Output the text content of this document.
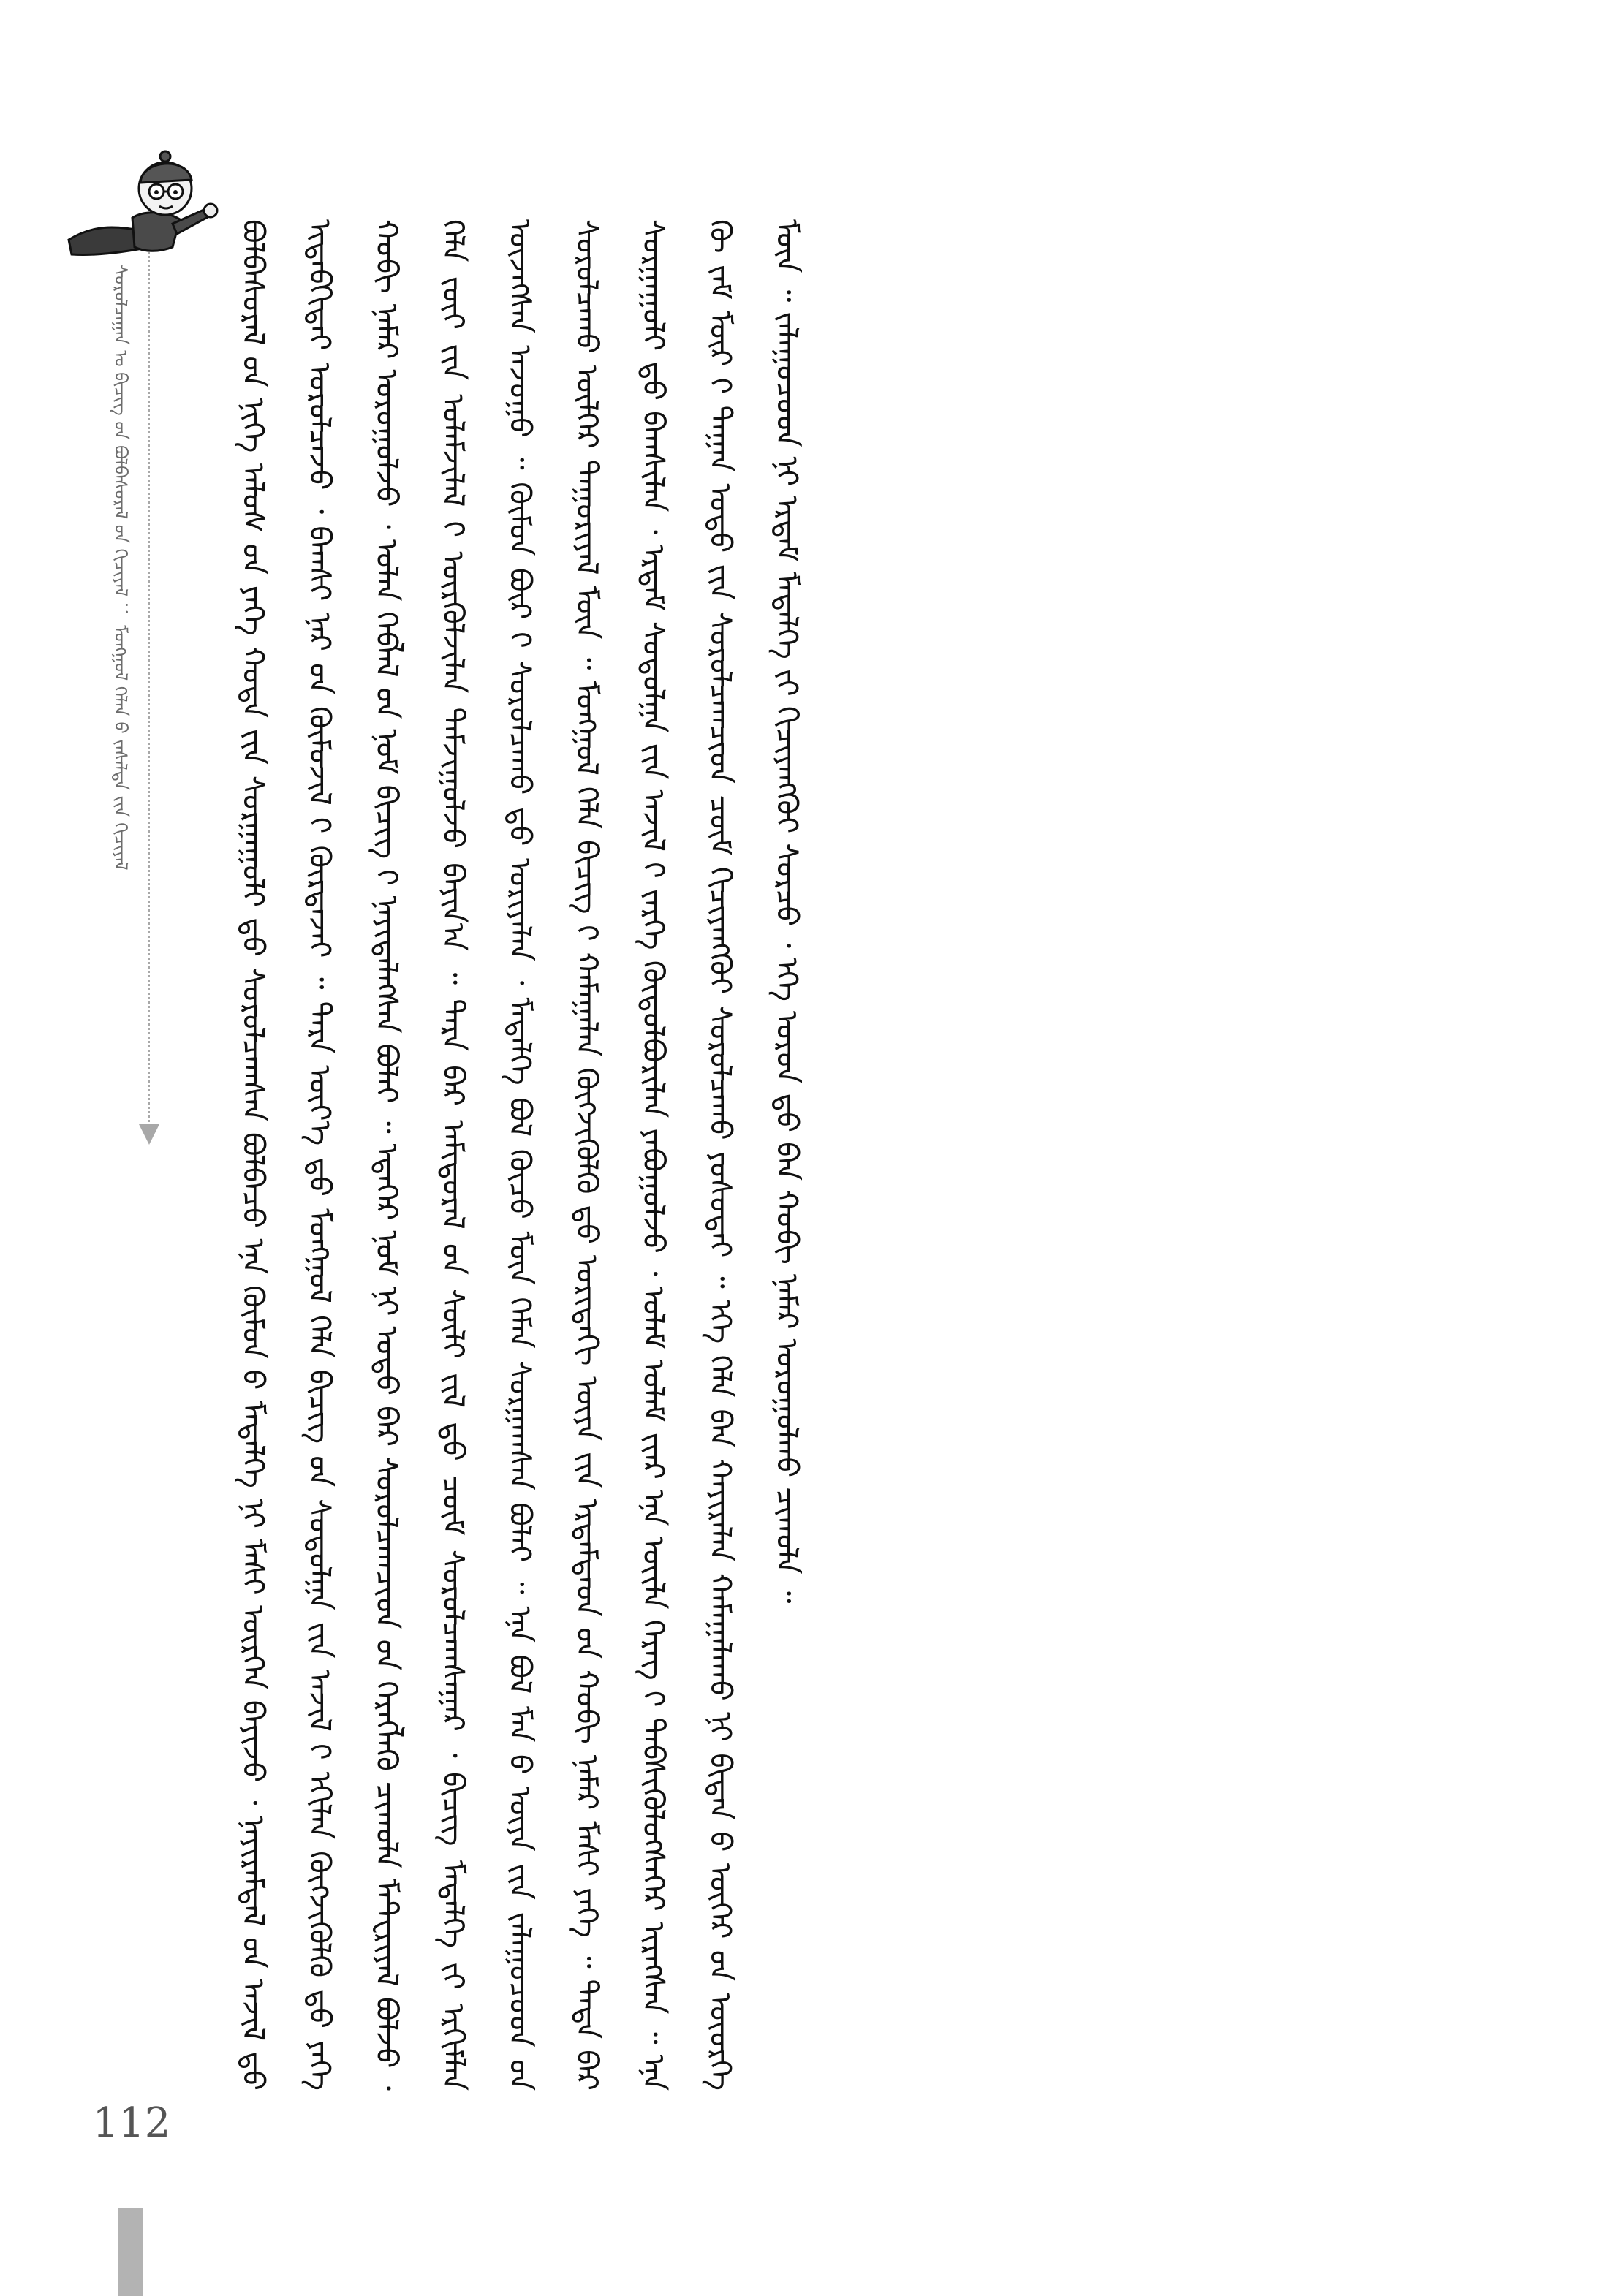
ᠰᠤᠷᠤᠯᠴᠠᠭᠠᠨ ᠤ ᠪᠢᠴᠢᠭ ᠤ᠋ᠨ ᠪᠣᠯᠪᠠᠰᠤᠷᠠᠯ ᠤ᠋ᠨ ᠬᠢᠴᠢᠶᠡᠯ ： ᠮᠣᠩᠭᠣᠯ ᠬᠡᠯᠡᠨ ᠤ᠋ ᠵᠠᠰᠠᠯᠲᠠ ᠶ᠋ᠢᠨ ᠬᠢᠴᠢᠶᠡᠯ	ᠪᠣᠯᠪᠠᠰᠤᠷᠠᠯ ᠤ᠋ᠨ ᠨᠢᠭᠡ ᠠᠯᠤᠰ ᠤ᠋ᠨ ᠶᠡᠬᠡ ᠬᠣᠲᠠ ᠶ᠋ᠢᠨ ᠰᠤᠷᠭᠠᠭᠤᠯᠢ ᠳ᠋ᠤ ᠰᠤᠷᠤᠯᠴᠠᠭᠰᠠᠨ ᠪᠣᠯᠪᠠᠴᠤ ᠡᠨᠡ ᠬᠦᠮᠦᠨ ᠤ᠋ ᠮᠡᠳᠡᠯᠭᠡ ᠨᠢ ᠮᠠᠰᠢ ᠥᠷᠭᠡᠨ ᠪᠠᠶᠢᠵᠤ ᠂ ᠨᠠᠶᠢᠷᠠᠮᠳᠠᠯ ᠤ᠋ᠨ ᠠᠵᠢᠯ ᠳ᠋ᠤ ᠢᠳᠡᠪᠬᠢᠲᠡᠶ ᠣᠷᠤᠯᠴᠠᠵᠤ ᠂ ᠪᠠᠭᠰᠢ ᠨᠠᠷ ᠤ᠋ᠨ ᠬᠥᠮᠦᠵᠢᠯ ᠢ᠋ ᠬᠦᠷᠲᠡᠵᠡᠢ ᠃ ᠲᠡᠷᠡ ᠦᠶ᠎ᠡ ᠳ᠋ᠦ ᠮᠣᠩᠭᠣᠯ ᠬᠡᠯᠡ ᠪᠢᠴᠢᠭ ᠤ᠋ᠨ ᠰᠤᠳᠤᠯᠭᠠ ᠶ᠋ᠢᠨ ᠠᠵᠢᠯ ᠢ᠋ ᠡᠬᠢᠯᠡᠨ ᠬᠥᠭᠵᠢᠭᠦᠯᠬᠦ ᠳ᠋ᠦ ᠶᠡᠬᠡ ᠬᠤᠪᠢ ᠨᠡᠮᠡᠷ ᠣᠷᠤᠭᠤᠯᠵᠤ ᠂ ᠣᠯᠠᠨ ᠬᠡᠪᠯᠡᠯ ᠦ᠋ᠨ ᠨᠣᠮ ᠪᠢᠴᠢᠭ ᠢ᠋ ᠨᠡᠶᠢᠲᠡᠯᠡᠭᠰᠡᠨ ᠪᠣᠯᠠᠢ ᠃ ᠡᠳᠡᠭᠡᠷ ᠨᠣᠮ ᠨᠢ ᠣᠳᠣ ᠪᠠᠷ ᠰᠤᠷᠤᠯᠴᠠᠭᠴᠢᠳ ᠤ᠋ᠨ ᠬᠡᠷᠡᠭᠯᠡᠬᠦ ᠴᠢᠬᠤᠯᠠ ᠮᠠᠲᠧᠷᠢᠶᠠᠯ ᠪᠣᠯᠵᠤ ᠂ ᠬᠡᠯᠡ ᠵᠦᠢ ᠶ᠋ᠢᠨ ᠤᠯᠠᠮᠵᠢᠯᠠᠯ ᠢ᠋ ᠦᠷᠭᠦᠯᠵᠢᠯᠡᠨ ᠳᠠᠮᠵᠢᠭᠤᠯᠵᠤ ᠪᠠᠶᠢᠨ᠎ᠠ ᠃ ᠲᠡᠷᠡ ᠪᠡᠷ ᠠᠮᠢᠳᠤᠷᠠᠯ ᠤ᠋ᠨ ᠰᠦᠯᠢ ᠵᠢᠯ ᠳ᠋ᠦ ᠴᠥᠮ ᠰᠤᠷᠤᠯᠴᠠᠭᠰᠠᠭᠠᠷ ᠂ ᠪᠢᠴᠢᠭ ᠮᠡᠳᠡᠯᠭᠡ ᠶ᠋ᠢ ᠡᠷᠬᠢᠮᠯᠡᠨ ᠦᠵᠡᠭᠰᠡᠨ ᠠᠵᠤᠭᠤ ᠃ ᠬᠦᠮᠦᠨ ᠪᠦᠷ ᠢ᠋ ᠰᠤᠷᠤᠯᠴᠠᠬᠤ ᠳ᠋ᠤ ᠤᠷᠢᠶᠠᠯᠠᠨ ᠂ ᠮᠡᠳᠡᠯᠭᠡ ᠪᠣᠯ ᠬᠦᠴᠦ ᠮᠥᠨ ᠬᠡᠮᠡᠨ ᠰᠤᠷᠭᠠᠭᠰᠠᠨ ᠪᠣᠯᠠᠢ ᠃ ᠡᠨᠡ ᠪᠣᠯ ᠮᠠᠨ ᠤ᠋ ᠦᠶᠡ ᠶ᠋ᠢᠨ ᠵᠠᠯᠠᠭᠤᠴᠤᠳ ᠤ᠋ᠨ ᠰᠤᠷᠤᠯᠴᠠᠬᠤ ᠦᠯᠭᠡᠷ ᠳᠠᠭᠤᠷᠢᠶᠠᠯ ᠮᠥᠨ ᠃ ᠮᠣᠩᠭᠣᠯ ᠬᠡᠯᠡ ᠪᠢᠴᠢᠭ ᠢ᠋ ᠬᠠᠮᠠᠭᠠᠯᠠᠨ ᠬᠥᠭᠵᠢᠭᠦᠯᠬᠦ ᠳ᠋ᠦ ᠤᠷᠢᠳᠠᠬᠢ ᠦᠶᠡ ᠶ᠋ᠢᠨ ᠡᠷᠳᠡᠮᠲᠡᠳ ᠤ᠋ᠨ ᠬᠤᠪᠢ ᠨᠡᠮᠡᠷ ᠮᠠᠰᠢ ᠶᠡᠬᠡ ᠃ ᠲᠡᠳᠡ ᠪᠡᠷ ᠰᠤᠷᠭᠠᠭᠤᠯᠢ ᠳ᠋ᠤ ᠪᠠᠭᠰᠢᠯᠠᠨ ᠂ ᠡᠷᠳᠡᠮ ᠰᠤᠳᠤᠯᠭᠠ ᠶ᠋ᠢᠨ ᠠᠵᠢᠯ ᠢ᠋ ᠵᠡᠷᠭᠡ ᠬᠥᠲᠦᠯᠪᠦᠷᠢᠯᠡᠨ ᠶᠠᠪᠤᠭᠤᠯᠵᠤ ᠂ ᠤᠯᠠᠮ ᠤᠯᠠᠮ ᠢ᠋ᠶ᠋ᠠᠷ ᠡᠨᠡ ᠦᠢᠯᠡ ᠬᠡᠷᠡᠭ ᠢ᠋ ᠳᠡᠪᠰᠢᠭᠦᠯᠦᠭᠰᠡᠭᠡᠷ ᠢᠷᠡᠭᠰᠡᠨ ᠃ ᠡᠨᠡ ᠬᠦ ᠵᠠᠮ ᠮᠥᠷ ᠢ᠋ ᠳᠠᠭᠠᠨ ᠣᠳᠣ ᠶ᠋ᠢᠨ ᠰᠤᠷᠤᠯᠴᠠᠭᠴᠢᠳ ᠴᠥᠮ ᠬᠢᠴᠢᠶᠡᠩᠭᠦᠢ ᠰᠤᠷᠤᠯᠴᠠᠬᠤ ᠶᠣᠰᠣᠲᠠᠢ ᠃ ᠡᠬᠡ ᠬᠡᠯᠡ ᠪᠡᠨ ᠬᠠᠶᠢᠷᠠᠯᠠᠨ ᠬᠠᠮᠠᠭᠠᠯᠠᠬᠤ ᠨᠢ ᠪᠢᠳᠡᠨ ᠦ᠌ ᠦᠭᠡᠷ ᠤ᠋ᠨ ᠦᠦᠷᠭᠡ ᠮᠥᠨ ᠃ ᠵᠠᠯᠠᠭᠤᠴᠤᠳ ᠨᠢ ᠡᠷᠳᠡᠮ ᠮᠡᠳᠡᠯᠭᠡ ᠶ᠋ᠢ ᠬᠢᠴᠢᠶᠡᠩᠭᠦᠢ ᠰᠤᠷᠴᠤ ᠂ ᠡᠬᠡ ᠣᠷᠣᠨ ᠳ᠋ᠤ ᠪᠡᠨ ᠬᠤᠪᠢ ᠨᠡᠮᠡᠷ ᠣᠷᠤᠭᠤᠯᠬᠤ ᠴᠢᠬᠤᠯᠠ ᠃
112
